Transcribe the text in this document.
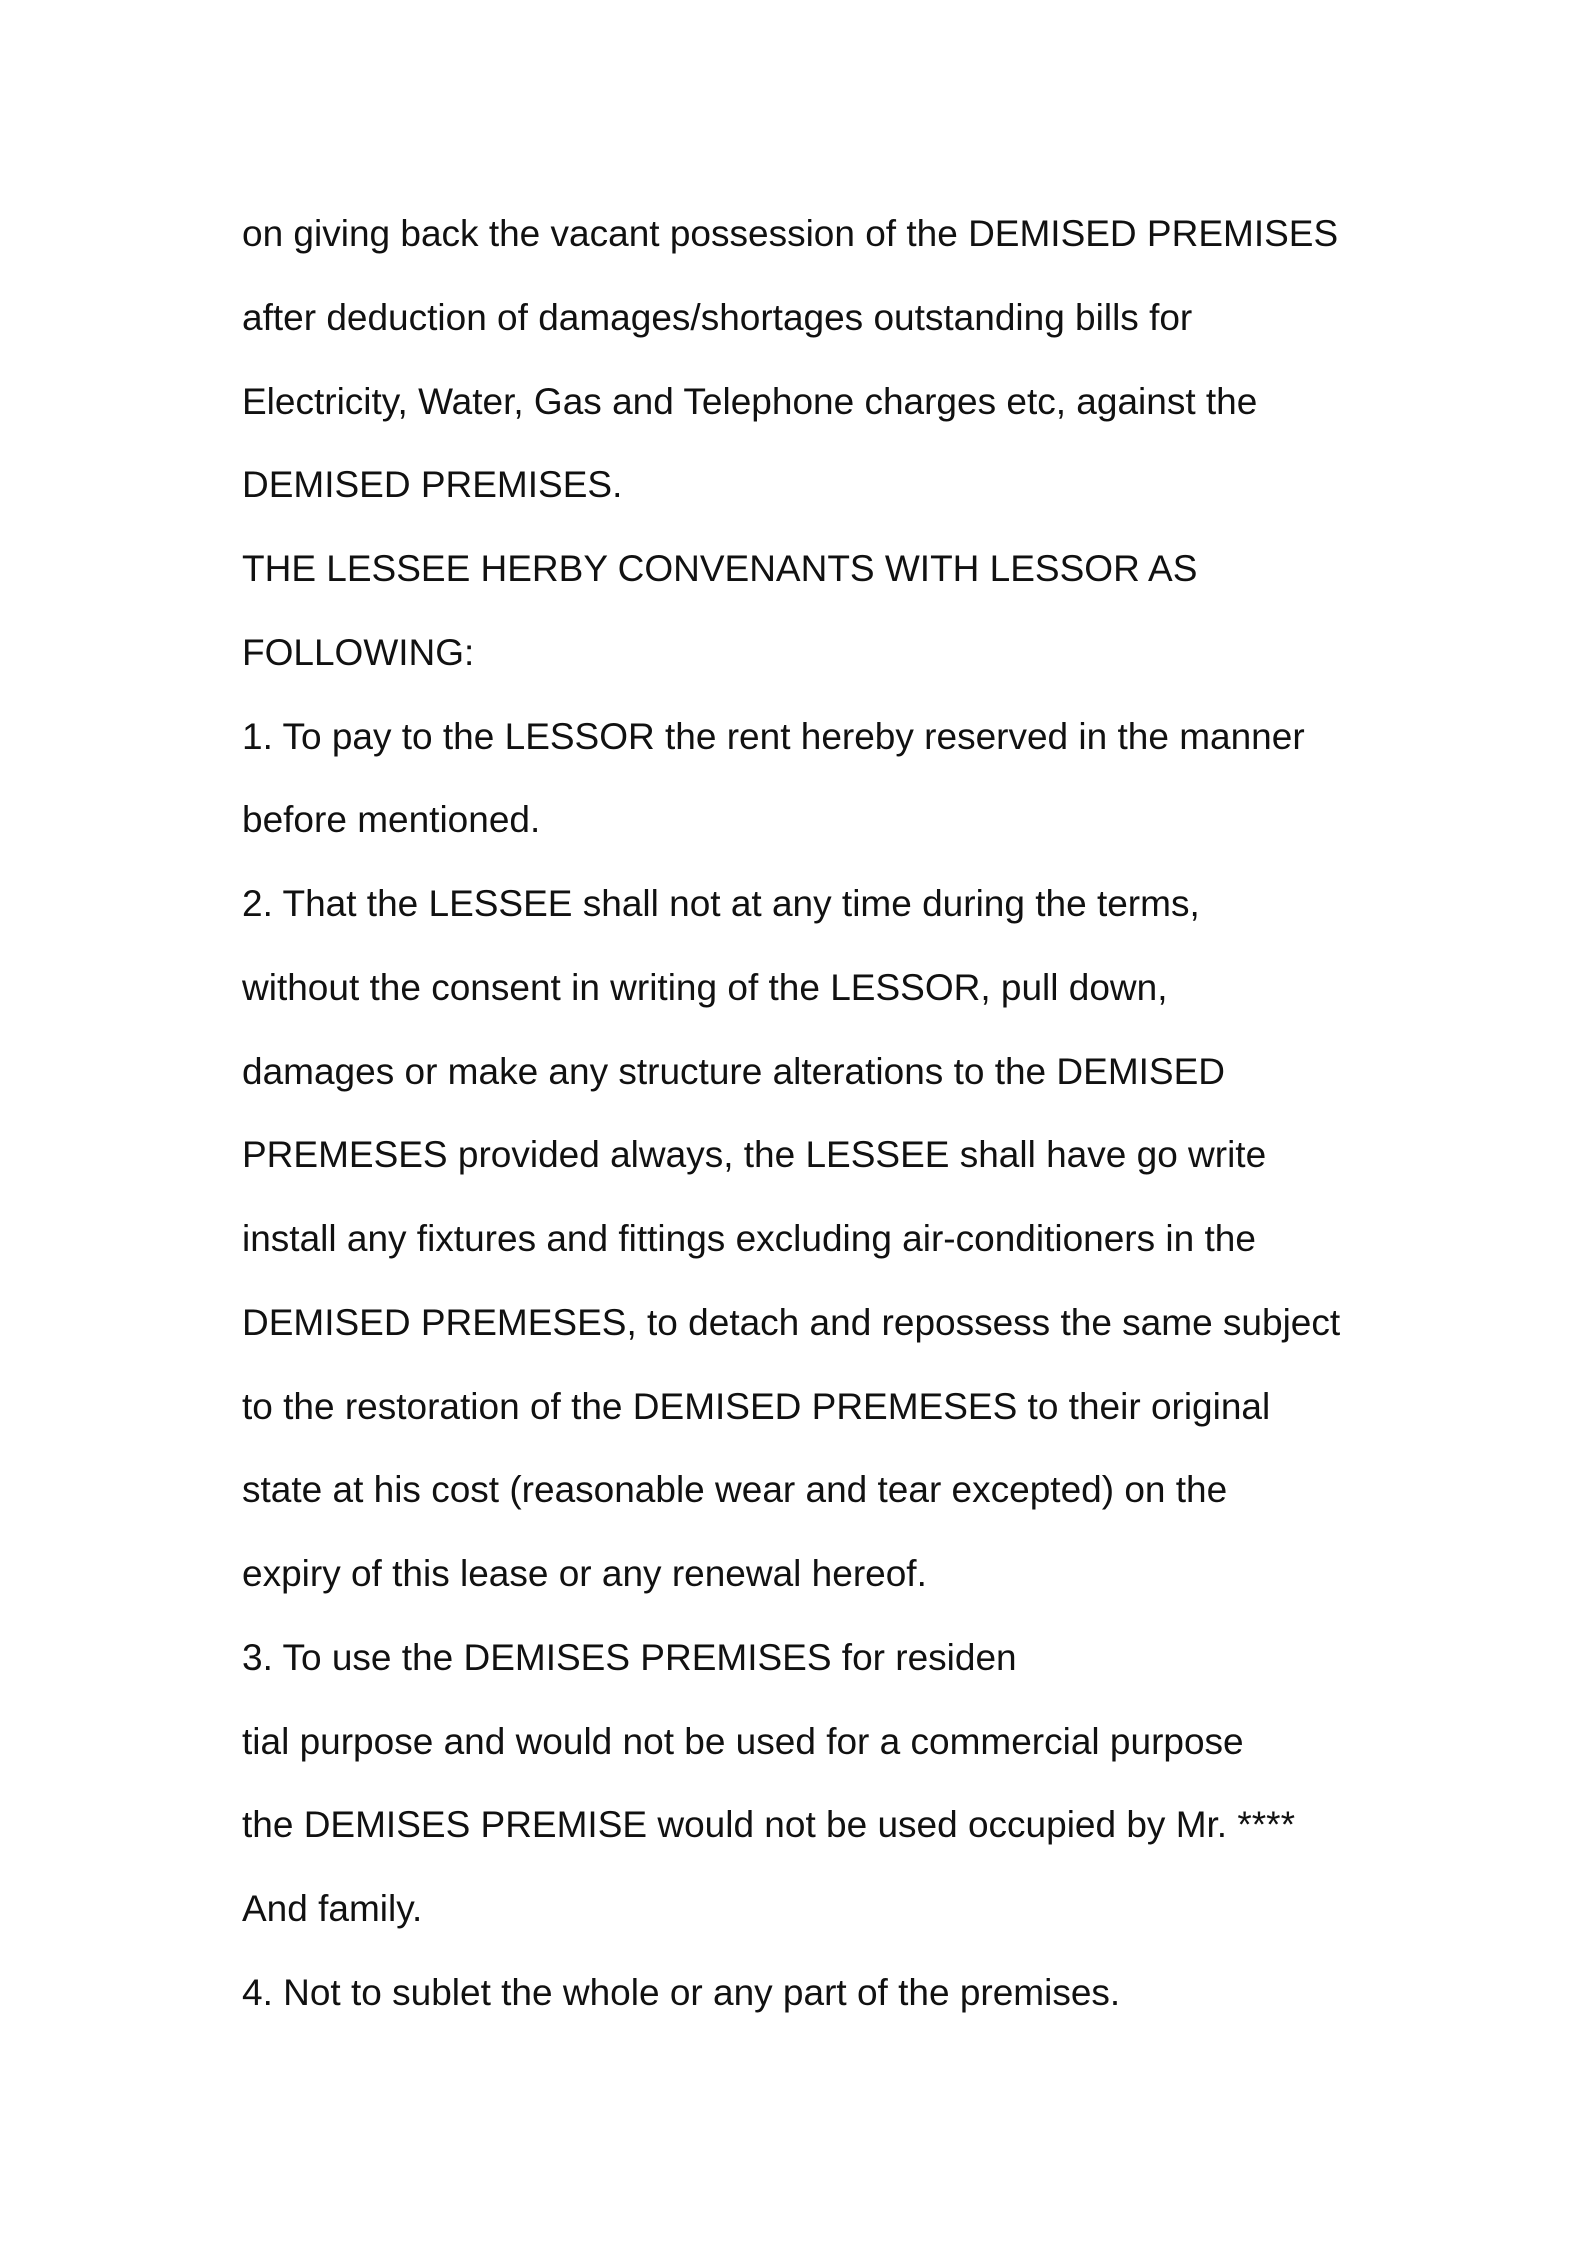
on giving back the vacant possession of the DEMISED PREMISES
after deduction of damages/shortages outstanding bills for
Electricity, Water, Gas and Telephone charges etc, against the
DEMISED PREMISES.
THE LESSEE HERBY CONVENANTS WITH LESSOR AS
FOLLOWING:
1. To pay to the LESSOR the rent hereby reserved in the manner
before mentioned.
2. That the LESSEE shall not at any time during the terms,
without the consent in writing of the LESSOR, pull down,
damages or make any structure alterations to the DEMISED
PREMESES provided always, the LESSEE shall have go write
install any fixtures and fittings excluding air-conditioners in the
DEMISED PREMESES, to detach and repossess the same subject
to the restoration of the DEMISED PREMESES to their original
state at his cost (reasonable wear and tear excepted) on the
expiry of this lease or any renewal hereof.
3. To use the DEMISES PREMISES for residen
tial purpose and would not be used for a commercial purpose
the DEMISES PREMISE would not be used occupied by Mr. ****
And family.
4. Not to sublet the whole or any part of the premises.
